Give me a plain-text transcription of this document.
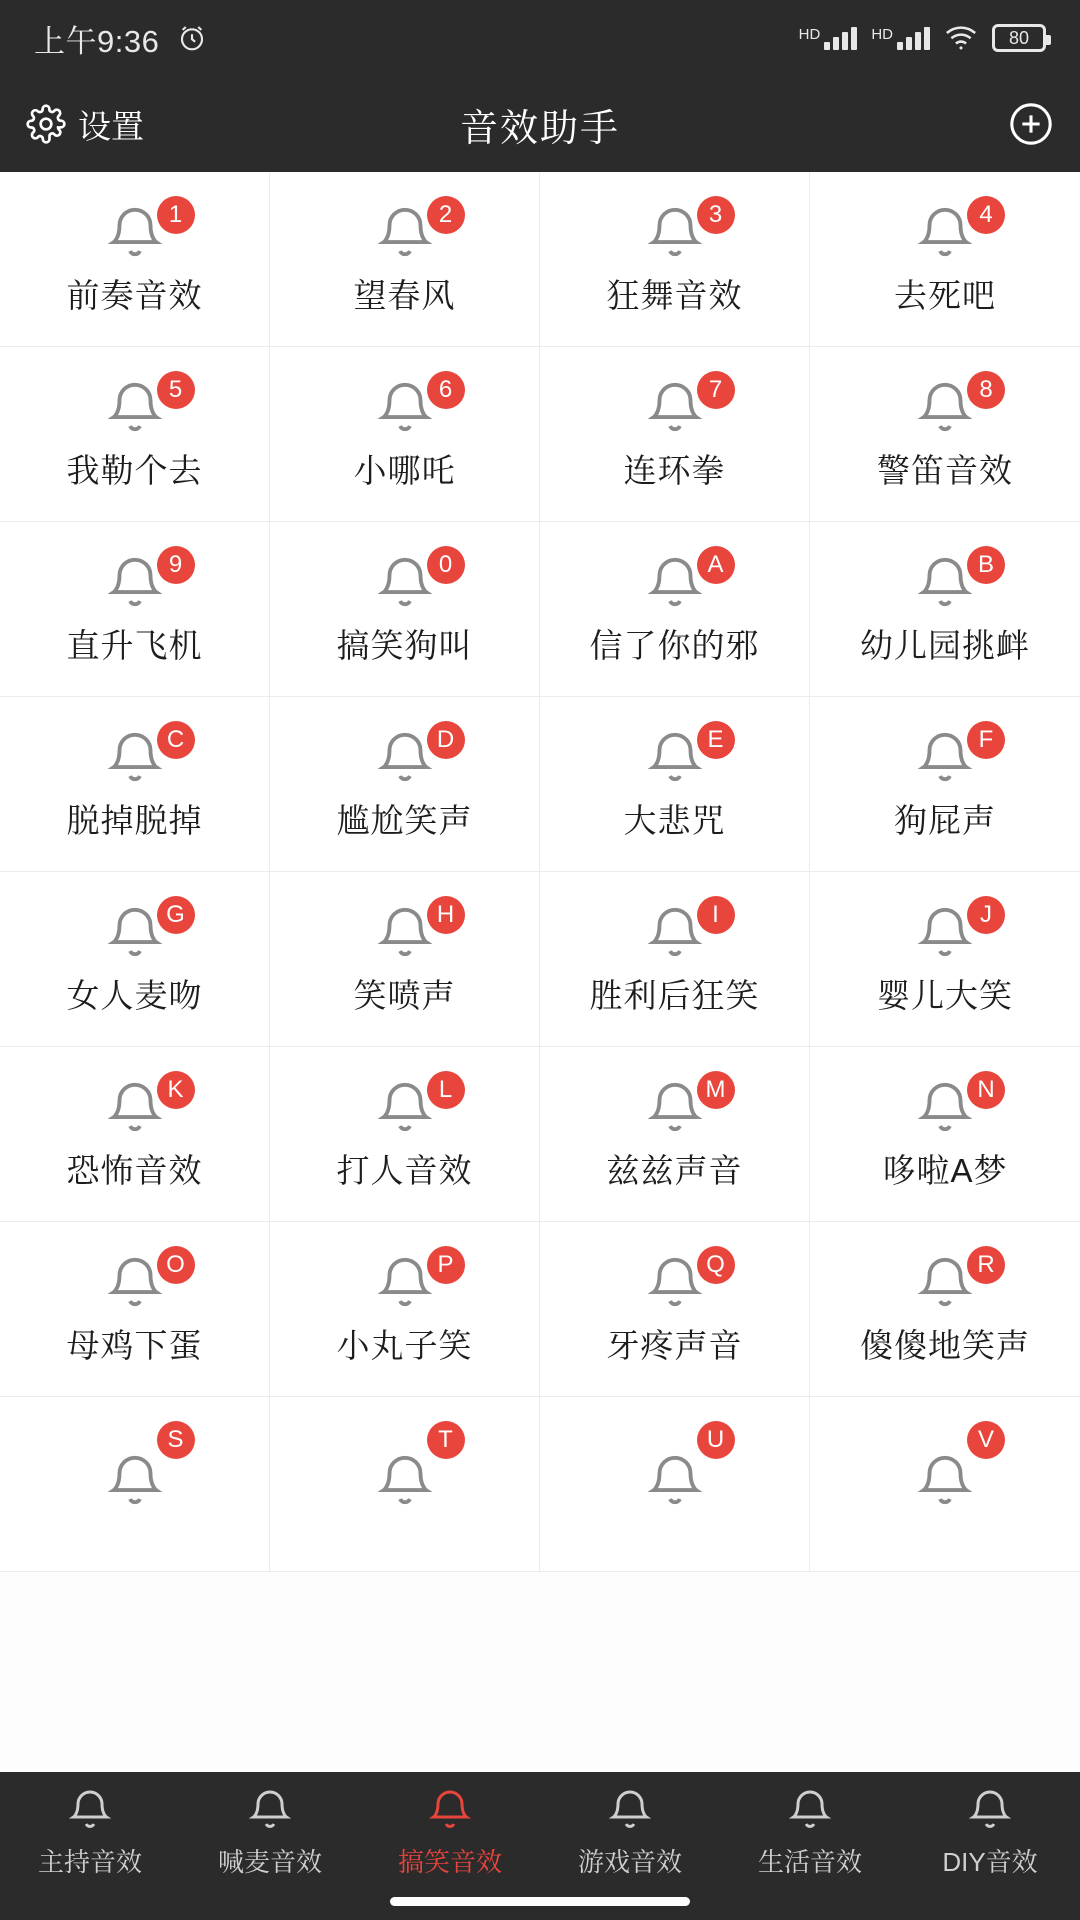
上午9:36	HD	HD	80
设置	音效助手
1
前奏音效
2
望春风
3
狂舞音效
4
去死吧
5
我勒个去
6
小哪吒
7
连环拳
8
警笛音效
9
直升飞机
0
搞笑狗叫
A
信了你的邪
B
幼儿园挑衅
C
脱掉脱掉
D
尴尬笑声
E
大悲咒
F
狗屁声
G
女人麦吻
H
笑喷声
I
胜利后狂笑
J
婴儿大笑
K
恐怖音效
L
打人音效
M
兹兹声音
N
哆啦A梦
O
母鸡下蛋
P
小丸子笑
Q
牙疼声音
R
傻傻地笑声
S	T	U	V
主持音效	喊麦音效	搞笑音效	游戏音效	生活音效	DIY音效
